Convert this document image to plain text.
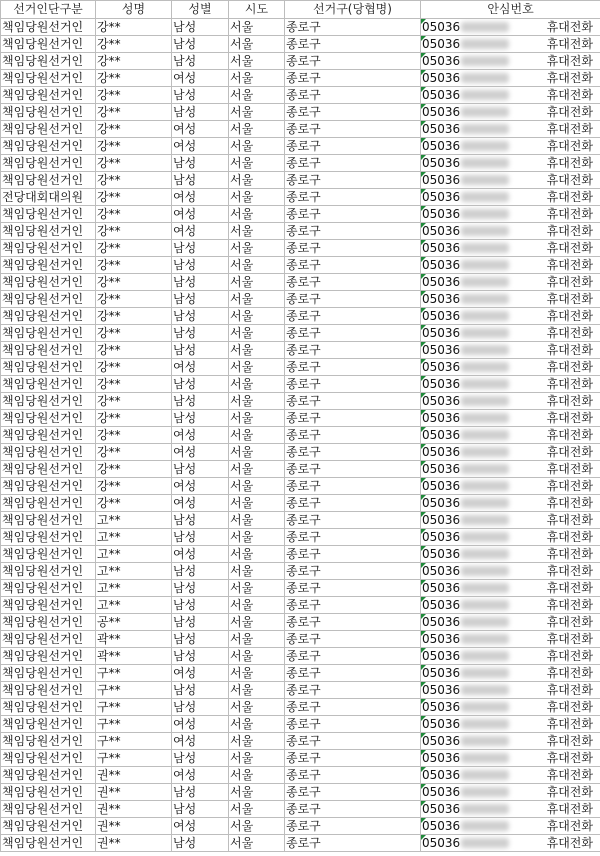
선거인단구분	성명	성별	시도	선거구(당협명)	안심번호
책임당원선거인	강**	남성	서울	종로구	05036 휴대전화

책임당원선거인	강**	남성	서울	종로구	05036 휴대전화

책임당원선거인	강**	남성	서울	종로구	05036 휴대전화

책임당원선거인	강**	여성	서울	종로구	05036 휴대전화

책임당원선거인	강**	남성	서울	종로구	05036 휴대전화

책임당원선거인	강**	남성	서울	종로구	05036 휴대전화

책임당원선거인	강**	여성	서울	종로구	05036 휴대전화

책임당원선거인	강**	여성	서울	종로구	05036 휴대전화

책임당원선거인	강**	남성	서울	종로구	05036 휴대전화

책임당원선거인	강**	남성	서울	종로구	05036 휴대전화

전당대회대의원	강**	여성	서울	종로구	05036 휴대전화

책임당원선거인	강**	여성	서울	종로구	05036 휴대전화

책임당원선거인	강**	여성	서울	종로구	05036 휴대전화

책임당원선거인	강**	남성	서울	종로구	05036 휴대전화

책임당원선거인	강**	남성	서울	종로구	05036 휴대전화

책임당원선거인	강**	남성	서울	종로구	05036 휴대전화

책임당원선거인	강**	남성	서울	종로구	05036 휴대전화

책임당원선거인	강**	남성	서울	종로구	05036 휴대전화

책임당원선거인	강**	남성	서울	종로구	05036 휴대전화

책임당원선거인	강**	남성	서울	종로구	05036 휴대전화

책임당원선거인	강**	여성	서울	종로구	05036 휴대전화

책임당원선거인	강**	남성	서울	종로구	05036 휴대전화

책임당원선거인	강**	남성	서울	종로구	05036 휴대전화

책임당원선거인	강**	남성	서울	종로구	05036 휴대전화

책임당원선거인	강**	여성	서울	종로구	05036 휴대전화

책임당원선거인	강**	여성	서울	종로구	05036 휴대전화

책임당원선거인	강**	남성	서울	종로구	05036 휴대전화

책임당원선거인	강**	여성	서울	종로구	05036 휴대전화

책임당원선거인	강**	여성	서울	종로구	05036 휴대전화

책임당원선거인	고**	남성	서울	종로구	05036 휴대전화

책임당원선거인	고**	남성	서울	종로구	05036 휴대전화

책임당원선거인	고**	여성	서울	종로구	05036 휴대전화

책임당원선거인	고**	남성	서울	종로구	05036 휴대전화

책임당원선거인	고**	남성	서울	종로구	05036 휴대전화

책임당원선거인	고**	남성	서울	종로구	05036 휴대전화

책임당원선거인	공**	남성	서울	종로구	05036 휴대전화

책임당원선거인	곽**	남성	서울	종로구	05036 휴대전화

책임당원선거인	곽**	남성	서울	종로구	05036 휴대전화

책임당원선거인	구**	여성	서울	종로구	05036 휴대전화

책임당원선거인	구**	남성	서울	종로구	05036 휴대전화

책임당원선거인	구**	남성	서울	종로구	05036 휴대전화

책임당원선거인	구**	여성	서울	종로구	05036 휴대전화

책임당원선거인	구**	여성	서울	종로구	05036 휴대전화

책임당원선거인	구**	남성	서울	종로구	05036 휴대전화

책임당원선거인	권**	여성	서울	종로구	05036 휴대전화

책임당원선거인	권**	남성	서울	종로구	05036 휴대전화

책임당원선거인	권**	남성	서울	종로구	05036 휴대전화

책임당원선거인	권**	여성	서울	종로구	05036 휴대전화

책임당원선거인	권**	남성	서울	종로구	05036 휴대전화
